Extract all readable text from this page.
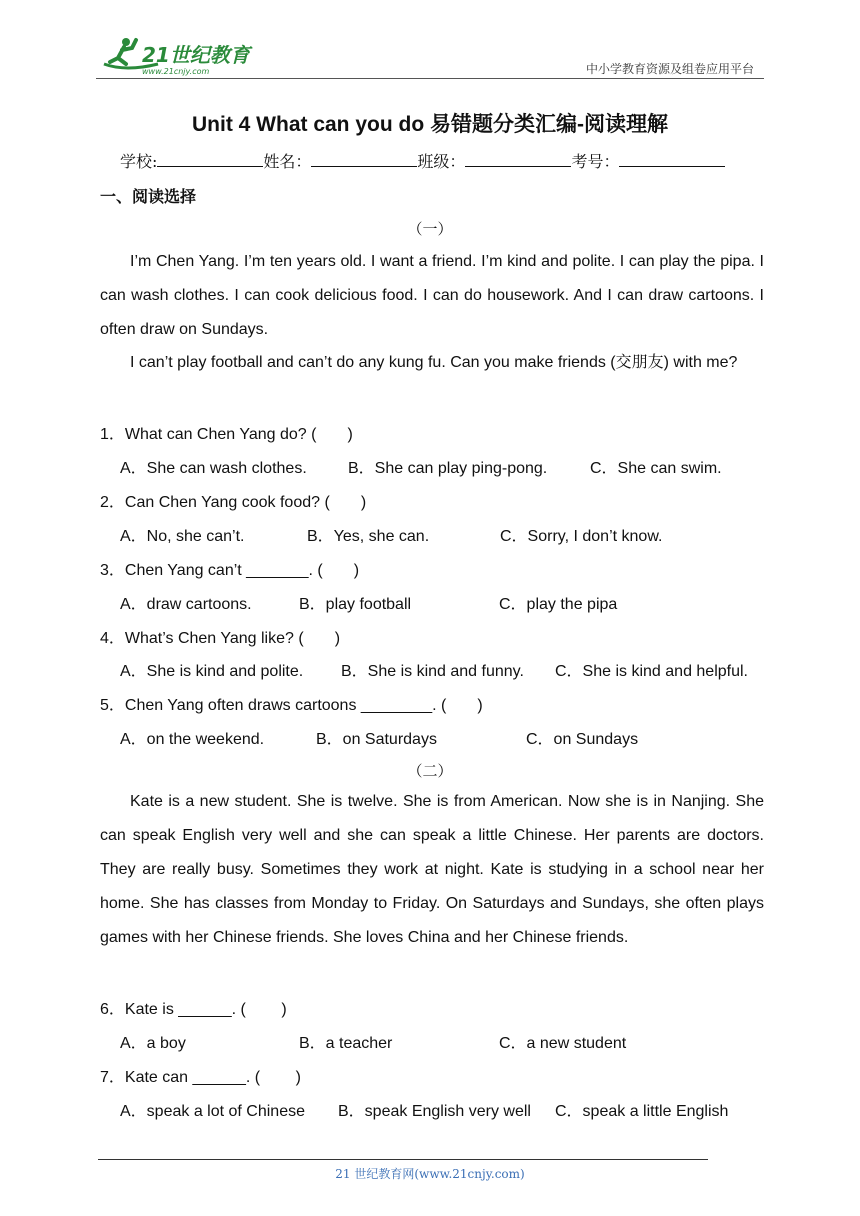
21世纪教育
www.21cnjy.com	中小学教育资源及组卷应用平台
Unit 4 What can you do 易错题分类汇编-阅读理解
学校:	姓名：	班级：	考号：
一、阅读选择
（一）
I’m Chen Yang. I’m ten years old. I want a friend. I’m kind and polite. I can play the pipa. I can wash clothes. I can cook delicious food. I can do housework. And I can draw cartoons. I often draw on Sundays.
I can’t play football and can’t do any kung fu. Can you make friends (交朋友) with me?
1．What can Chen Yang do? (       )
A．She can wash clothes.	B．She can play ping-pong.	C．She can swim.
2．Can Chen Yang cook food? (       )
A．No, she can’t.	B．Yes, she can.	C．Sorry, I don’t know.
3．Chen Yang can’t _______. (       )
A．draw cartoons.	B．play football	C．play the pipa
4．What’s Chen Yang like? (       )
A．She is kind and polite. B．She is kind and funny. C．She is kind and helpful.
5．Chen Yang often draws cartoons ________. (       )
A．on the weekend.	B．on Saturdays	C．on Sundays
（二）
Kate is a new student. She is twelve. She is from American. Now she is in Nanjing. She can speak English very well and she can speak a little Chinese. Her parents are doctors. They are really busy. Sometimes they work at night. Kate is studying in a school near her home. She has classes from Monday to Friday. On Saturdays and Sundays, she often plays games with her Chinese friends. She loves China and her Chinese friends.
6．Kate is ______. (        )
A．a boy	B．a teacher	C．a new student
7．Kate can ______. (        )
A．speak a lot of Chinese B．speak English very well C．speak a little English
21 世纪教育网(www.21cnjy.com)
